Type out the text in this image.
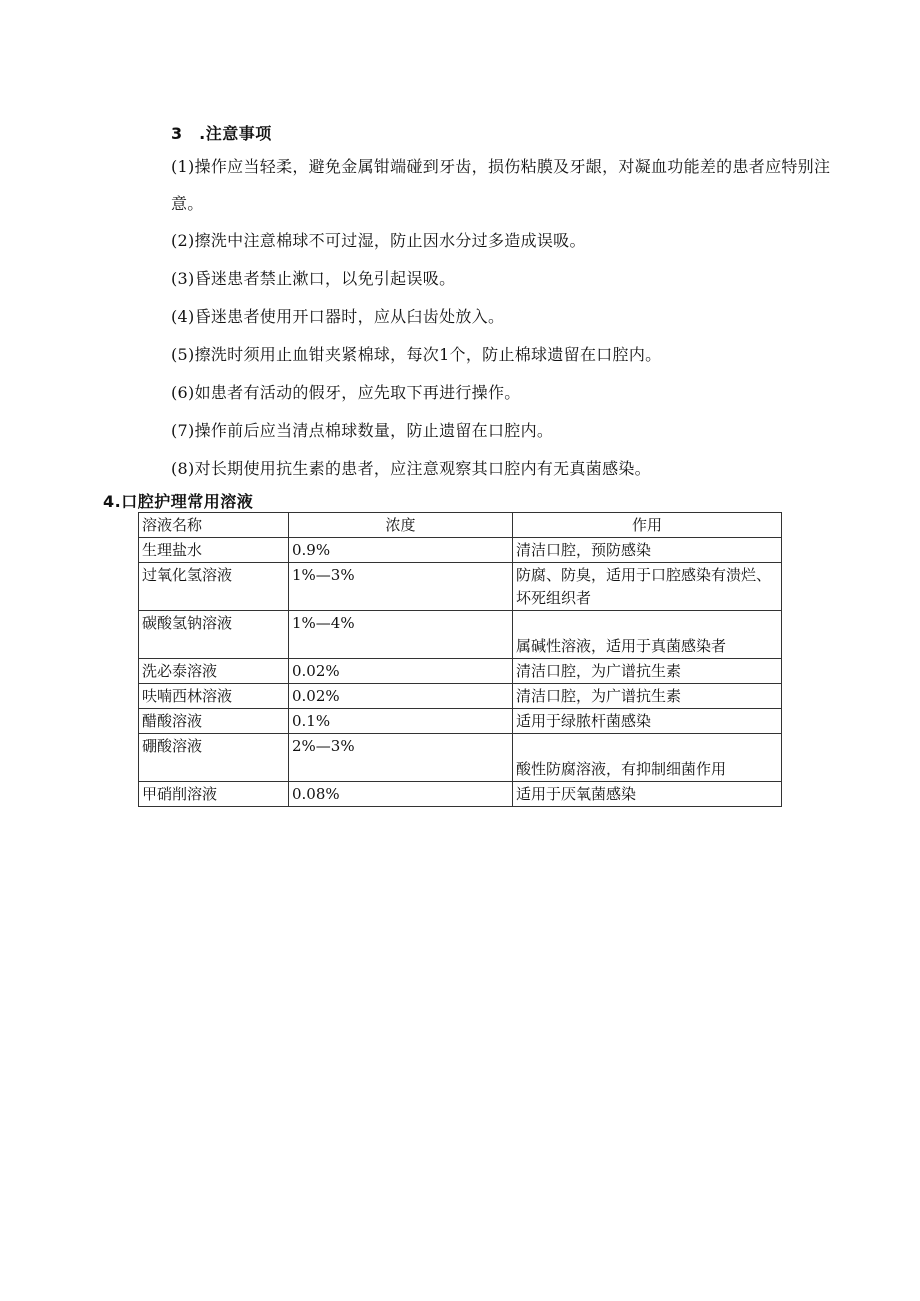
3　.注意事项

(1)操作应当轻柔，避免金属钳端碰到牙齿，损伤粘膜及牙龈，对凝血功能差的患者应特别注意。

(2)擦洗中注意棉球不可过湿，防止因水分过多造成误吸。

(3)昏迷患者禁止漱口，以免引起误吸。

(4)昏迷患者使用开口器时，应从臼齿处放入。

(5)擦洗时须用止血钳夹紧棉球，每次1个，防止棉球遗留在口腔内。

(6)如患者有活动的假牙，应先取下再进行操作。

(7)操作前后应当清点棉球数量，防止遗留在口腔内。

(8)对长期使用抗生素的患者，应注意观察其口腔内有无真菌感染。

4.口腔护理常用溶液
溶液名称	浓度	作用
生理盐水	0.9%	清洁口腔，预防感染
过氧化氢溶液	1%—3%	防腐、防臭，适用于口腔感染有溃烂、坏死组织者
碳酸氢钠溶液	1%—4%	属碱性溶液，适用于真菌感染者
洗必泰溶液	0.02%	清洁口腔，为广谱抗生素
呋喃西林溶液	0.02%	清洁口腔，为广谱抗生素
醋酸溶液	0.1%	适用于绿脓杆菌感染
硼酸溶液	2%—3%	酸性防腐溶液，有抑制细菌作用
甲硝削溶液	0.08%	适用于厌氧菌感染
